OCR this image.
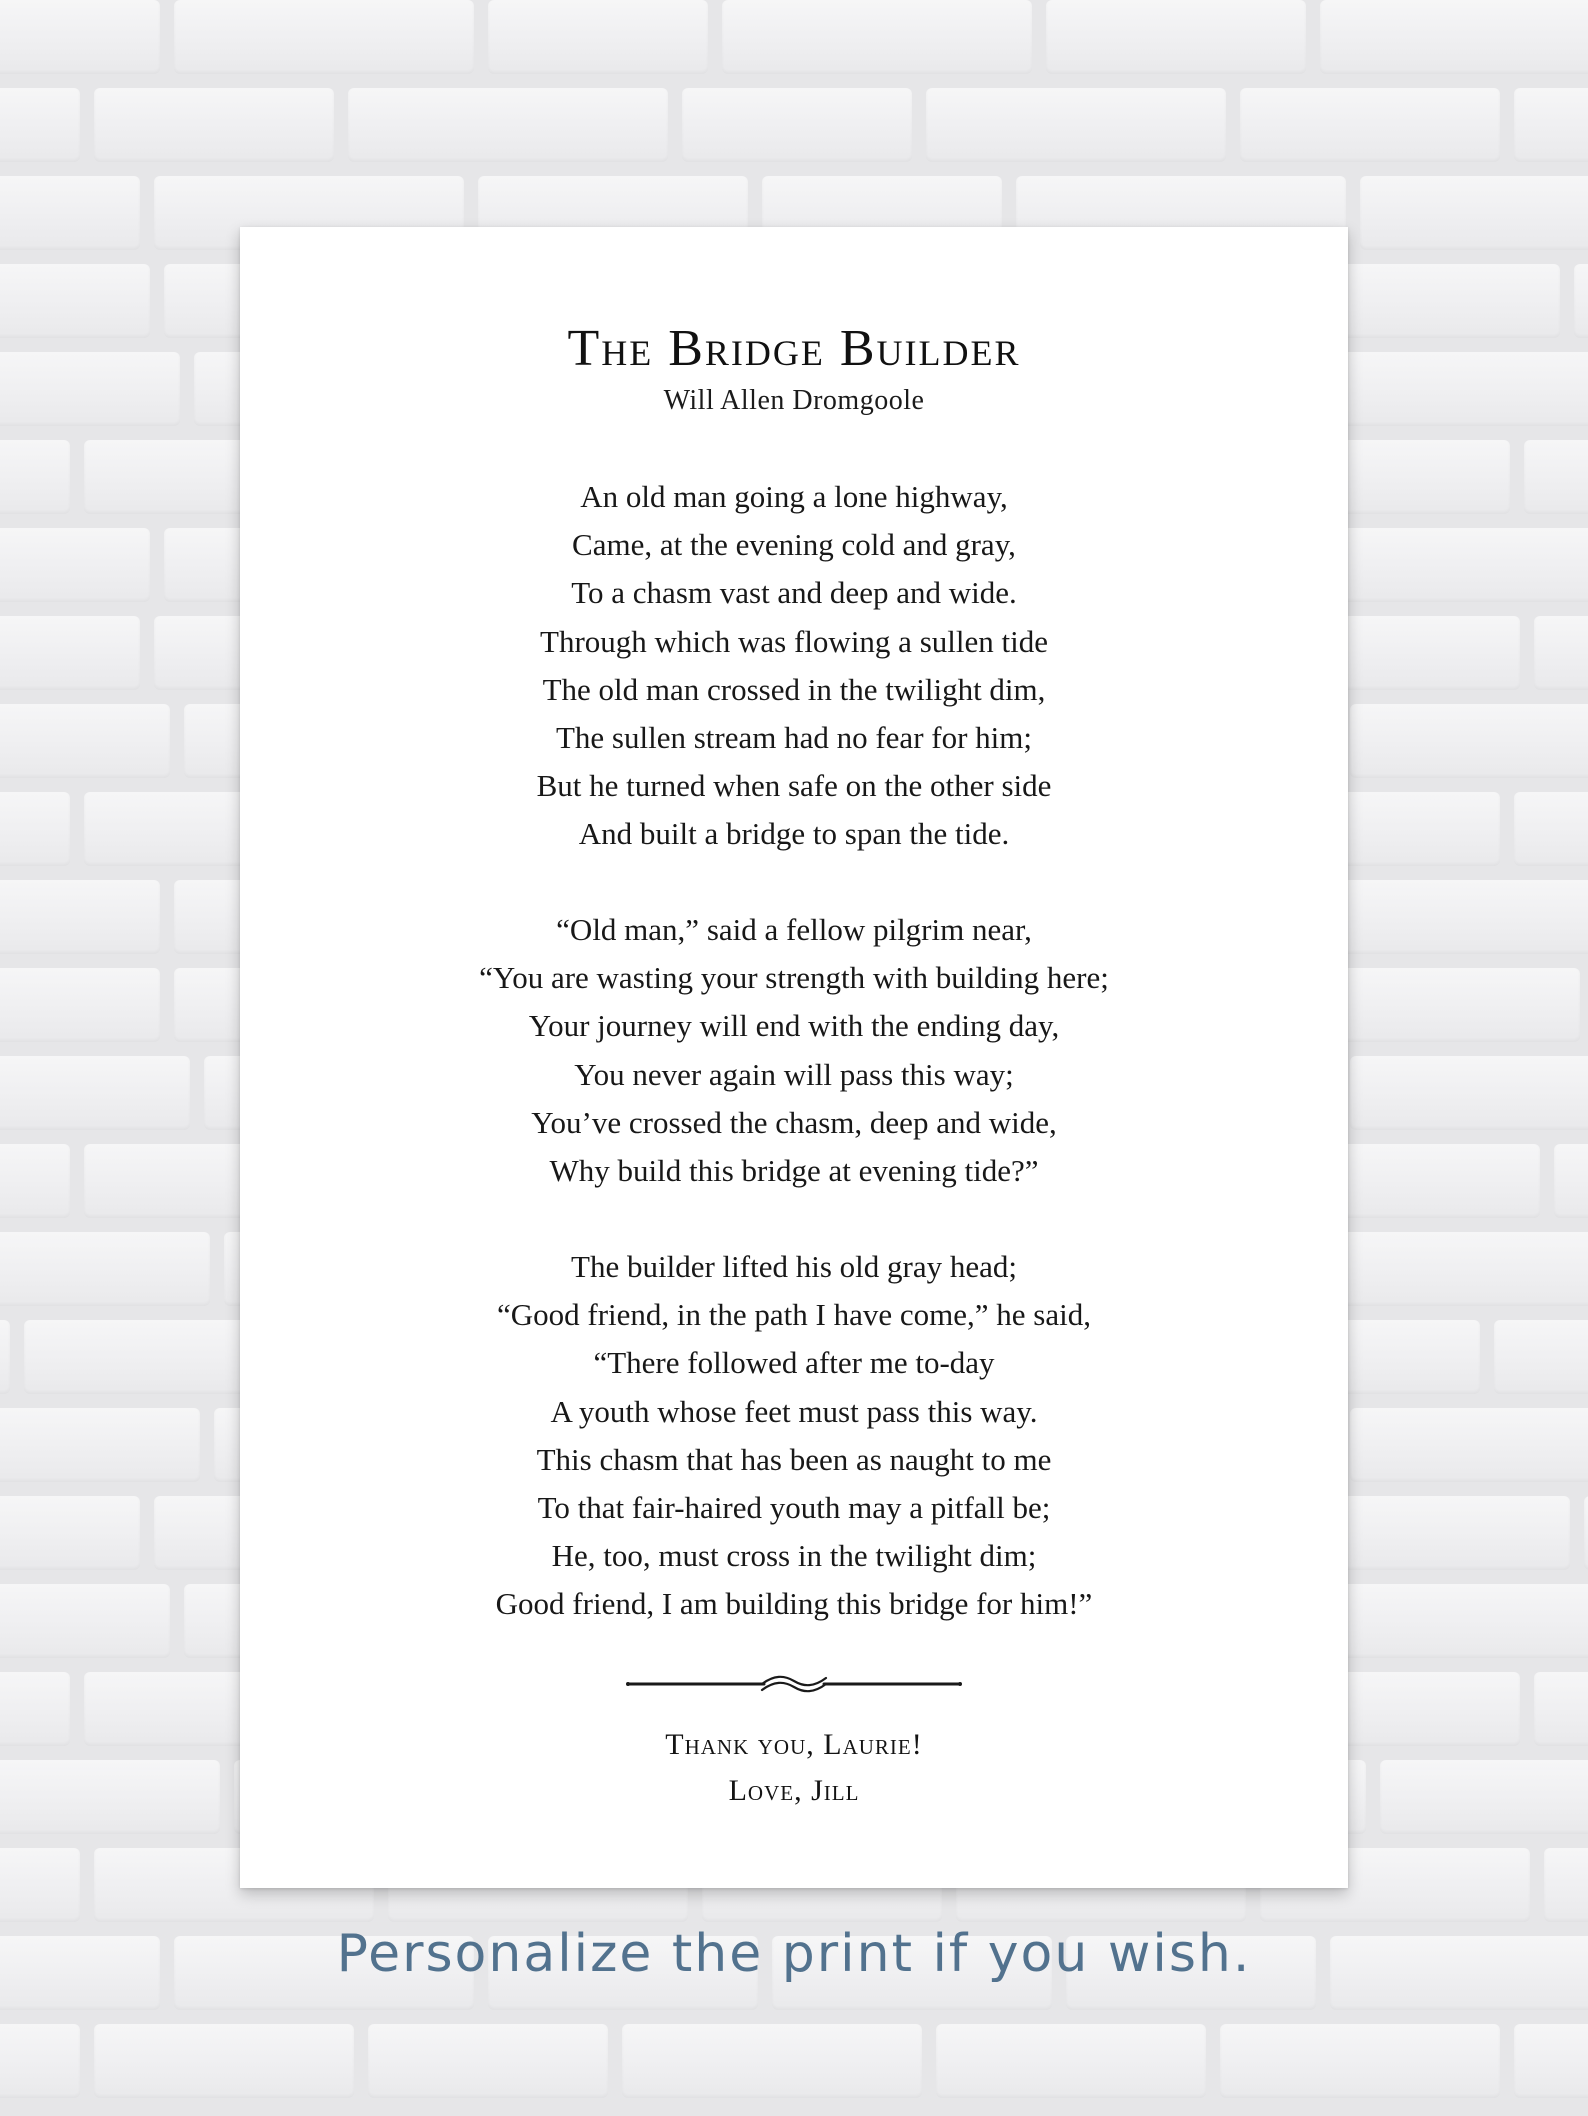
The Bridge Builder
Will Allen Dromgoole
An old man going a lone highway,
Came, at the evening cold and gray,
To a chasm vast and deep and wide.
Through which was flowing a sullen tide
The old man crossed in the twilight dim,
The sullen stream had no fear for him;
But he turned when safe on the other side
And built a bridge to span the tide.
“Old man,” said a fellow pilgrim near,
“You are wasting your strength with building here;
Your journey will end with the ending day,
You never again will pass this way;
You’ve crossed the chasm, deep and wide,
Why build this bridge at evening tide?”
The builder lifted his old gray head;
“Good friend, in the path I have come,” he said,
“There followed after me to-day
A youth whose feet must pass this way.
This chasm that has been as naught to me
To that fair-haired youth may a pitfall be;
He, too, must cross in the twilight dim;
Good friend, I am building this bridge for him!”
Thank you, Laurie!
Love, Jill
Personalize the print if you wish.
